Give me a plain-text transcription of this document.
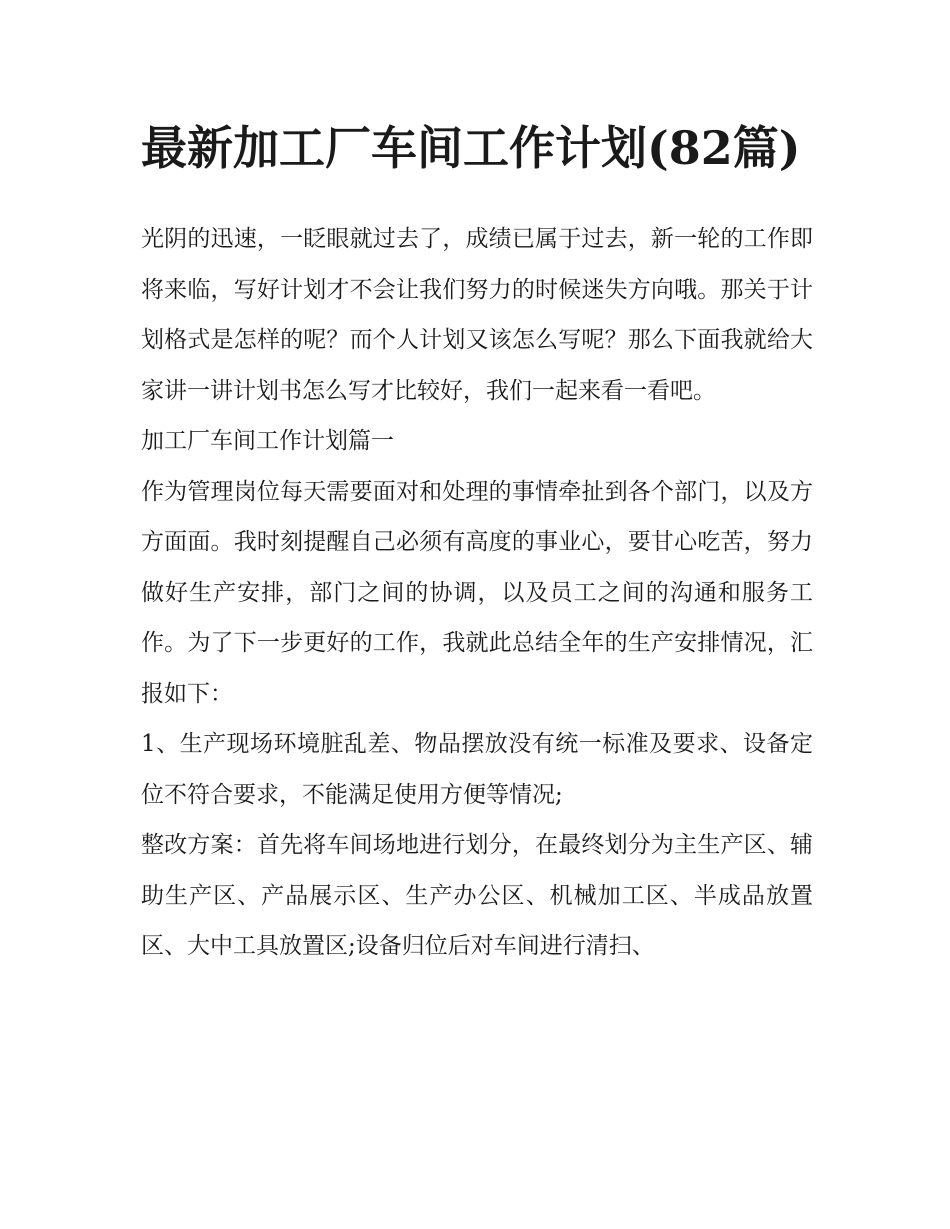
最新加工厂车间工作计划(82篇)

光阴的迅速，一眨眼就过去了，成绩已属于过去，新一轮的工作即将来临，写好计划才不会让我们努力的时候迷失方向哦。那关于计划格式是怎样的呢？而个人计划又该怎么写呢？那么下面我就给大家讲一讲计划书怎么写才比较好，我们一起来看一看吧。

加工厂车间工作计划篇一

作为管理岗位每天需要面对和处理的事情牵扯到各个部门，以及方方面面。我时刻提醒自己必须有高度的事业心，要甘心吃苦，努力做好生产安排，部门之间的协调，以及员工之间的沟通和服务工作。为了下一步更好的工作，我就此总结全年的生产安排情况，汇报如下：

1、生产现场环境脏乱差、物品摆放没有统一标准及要求、设备定位不符合要求，不能满足使用方便等情况;

整改方案：首先将车间场地进行划分，在最终划分为主生产区、辅助生产区、产品展示区、生产办公区、机械加工区、半成品放置区、大中工具放置区;设备归位后对车间进行清扫、
